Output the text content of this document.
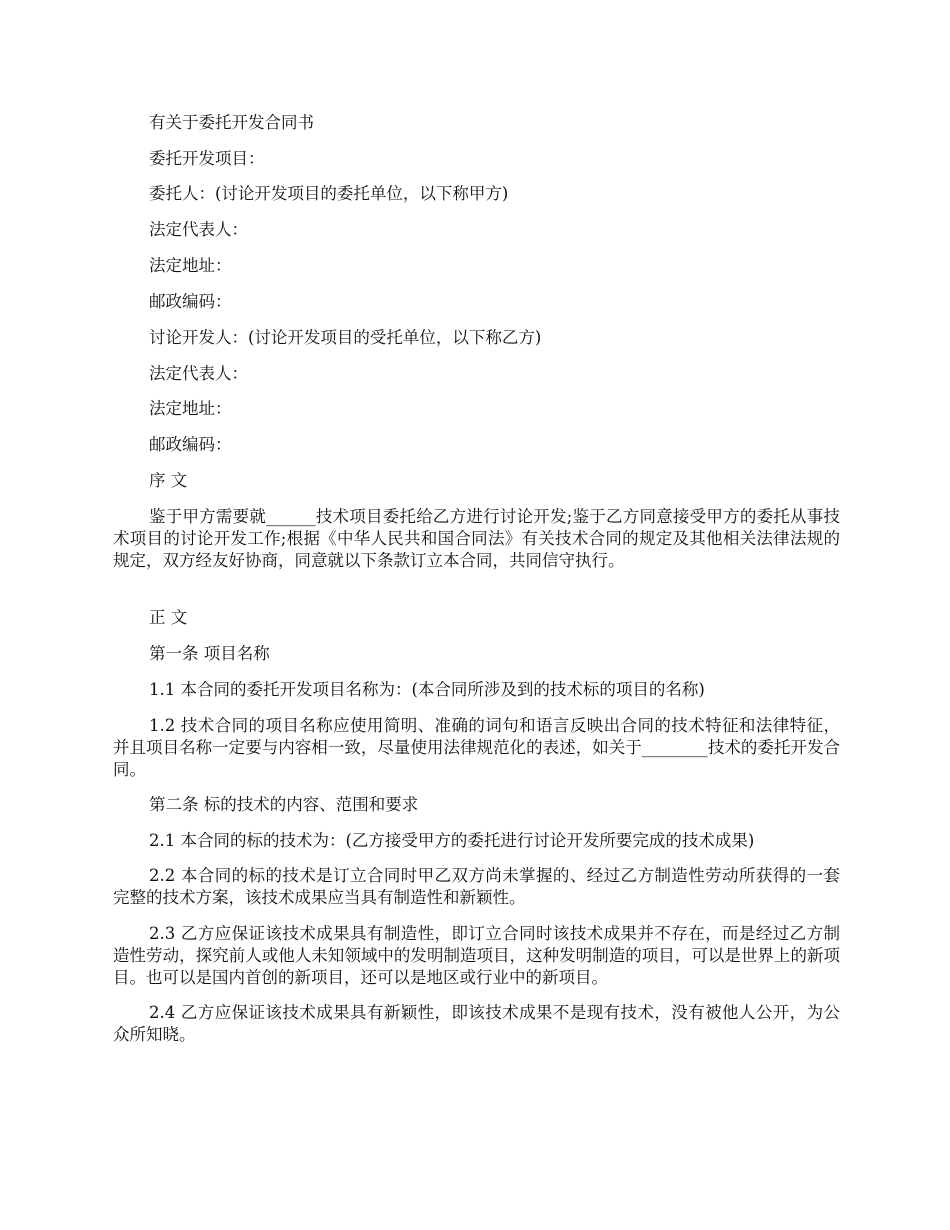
有关于委托开发合同书
委托开发项目：
委托人：(讨论开发项目的委托单位，以下称甲方)
法定代表人：
法定地址：
邮政编码：
讨论开发人：(讨论开发项目的受托单位，以下称乙方)
法定代表人：
法定地址：
邮政编码：
序 文
鉴于甲方需要就______技术项目委托给乙方进行讨论开发;鉴于乙方同意接受甲方的委托从事技术项目的讨论开发工作;根据《中华人民共和国合同法》有关技术合同的规定及其他相关法律法规的规定，双方经友好协商，同意就以下条款订立本合同，共同信守执行。
正 文
第一条 项目名称
1.1 本合同的委托开发项目名称为：(本合同所涉及到的技术标的项目的名称)
1.2 技术合同的项目名称应使用简明、准确的词句和语言反映出合同的技术特征和法律特征，并且项目名称一定要与内容相一致，尽量使用法律规范化的表述，如关于________技术的委托开发合同。
第二条 标的技术的内容、范围和要求
2.1 本合同的标的技术为：(乙方接受甲方的委托进行讨论开发所要完成的技术成果)
2.2 本合同的标的技术是订立合同时甲乙双方尚未掌握的、经过乙方制造性劳动所获得的一套完整的技术方案，该技术成果应当具有制造性和新颖性。
2.3 乙方应保证该技术成果具有制造性，即订立合同时该技术成果并不存在，而是经过乙方制造性劳动，探究前人或他人未知领域中的发明制造项目，这种发明制造的项目，可以是世界上的新项目。也可以是国内首创的新项目，还可以是地区或行业中的新项目。
2.4 乙方应保证该技术成果具有新颖性，即该技术成果不是现有技术，没有被他人公开，为公众所知晓。
